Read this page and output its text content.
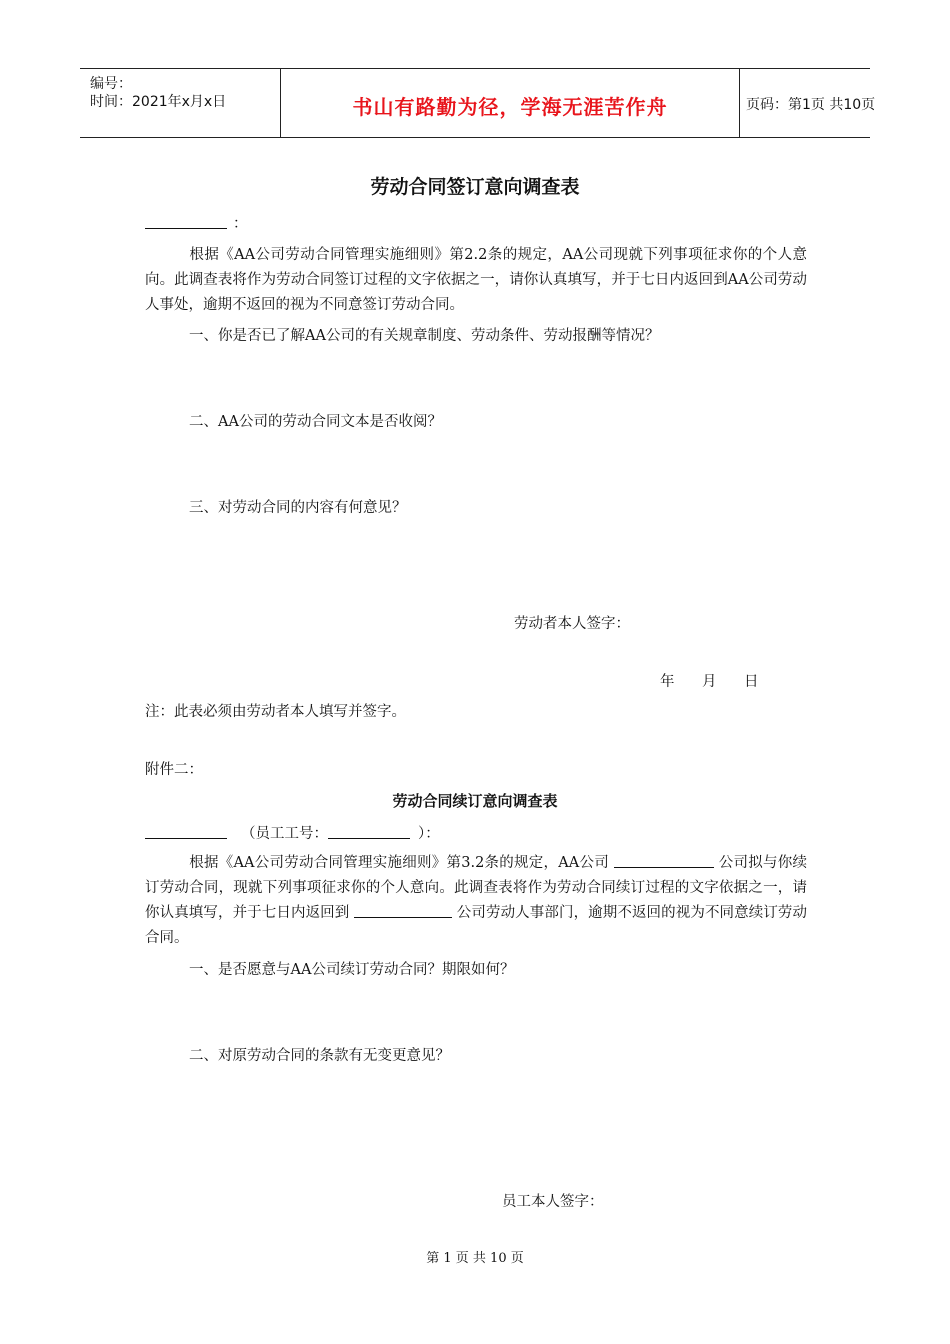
编号：
时间：2021年x月x日	书山有路勤为径，学海无涯苦作舟	页码：第1页 共10页
劳动合同签订意向调查表
：
根据《AA公司劳动合同管理实施细则》第2.2条的规定，AA公司现就下列事项征求你的个人意向。此调查表将作为劳动合同签订过程的文字依据之一，请你认真填写，并于七日内返回到AA公司劳动人事处，逾期不返回的视为不同意签订劳动合同。
一、你是否已了解AA公司的有关规章制度、劳动条件、劳动报酬等情况？
二、AA公司的劳动合同文本是否收阅？
三、对劳动合同的内容有何意见？
劳动者本人签字：
年 月 日
注：此表必须由劳动者本人填写并签字。
附件二：
劳动合同续订意向调查表
（员工工号：	）：
根据《AA公司劳动合同管理实施细则》第3.2条的规定，AA公司	公司拟与你续订劳动合同，现就下列事项征求你的个人意向。此调查表将作为劳动合同续订过程的文字依据之一，请你认真填写，并于七日内返回到	公司劳动人事部门，逾期不返回的视为不同意续订劳动合同。
一、是否愿意与AA公司续订劳动合同？期限如何？
二、对原劳动合同的条款有无变更意见？
员工本人签字：
第 1 页 共 10 页
